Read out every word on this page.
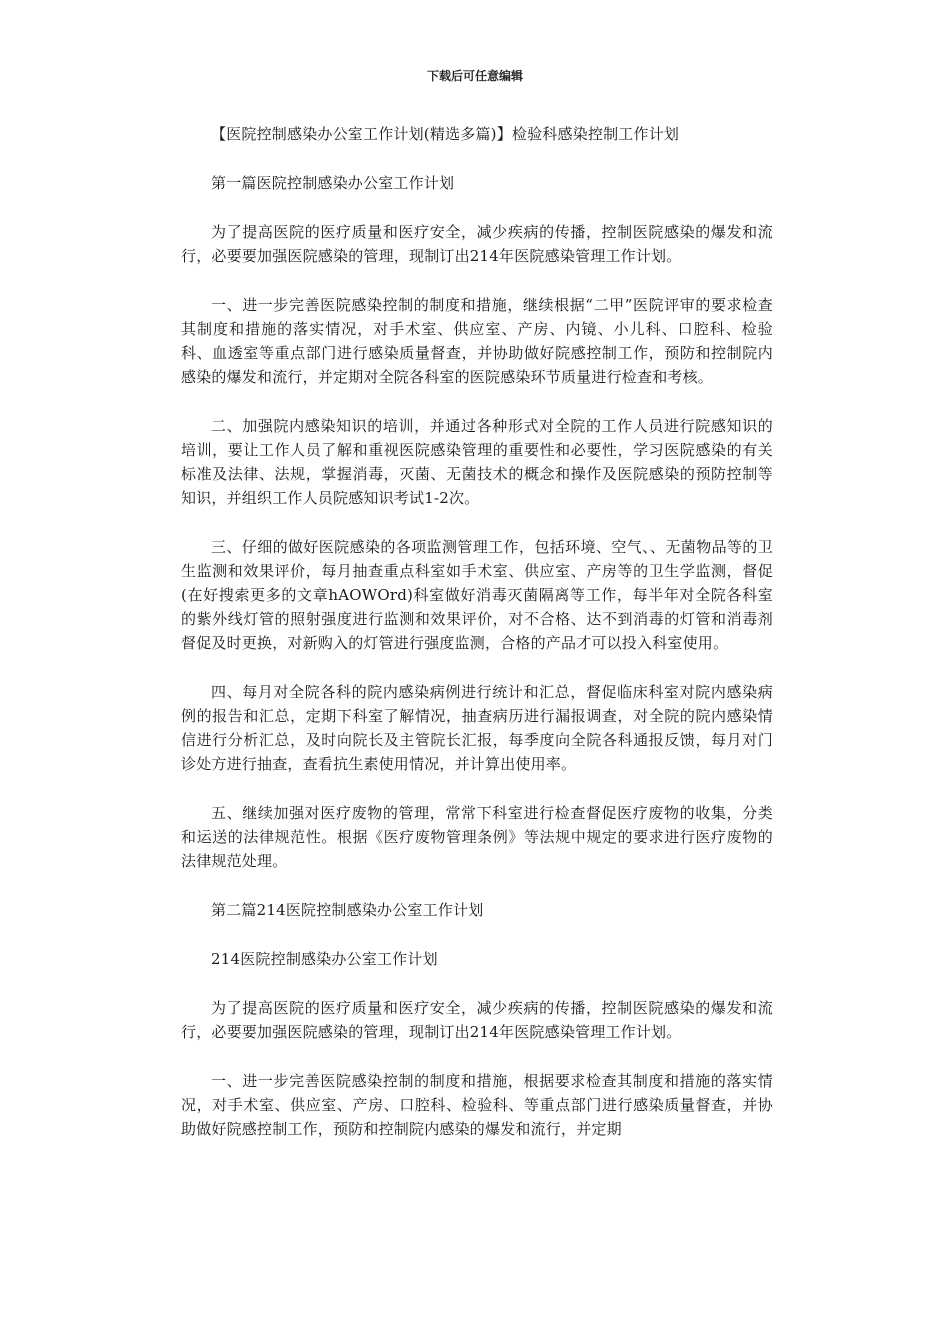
下载后可任意编辑

【医院控制感染办公室工作计划(精选多篇)】检验科感染控制工作计划

第一篇医院控制感染办公室工作计划

为了提高医院的医疗质量和医疗安全，减少疾病的传播，控制医院感染的爆发和流行，必要要加强医院感染的管理，现制订出214年医院感染管理工作计划。

一、进一步完善医院感染控制的制度和措施，继续根据“二甲”医院评审的要求检查其制度和措施的落实情况，对手术室、供应室、产房、内镜、小儿科、口腔科、检验科、血透室等重点部门进行感染质量督查，并协助做好院感控制工作，预防和控制院内感染的爆发和流行，并定期对全院各科室的医院感染环节质量进行检查和考核。

二、加强院内感染知识的培训，并通过各种形式对全院的工作人员进行院感知识的培训，要让工作人员了解和重视医院感染管理的重要性和必要性，学习医院感染的有关标准及法律、法规，掌握消毒，灭菌、无菌技术的概念和操作及医院感染的预防控制等知识，并组织工作人员院感知识考试1-2次。

三、仔细的做好医院感染的各项监测管理工作，包括环境、空气、、无菌物品等的卫生监测和效果评价，每月抽查重点科室如手术室、供应室、产房等的卫生学监测，督促(在好搜索更多的文章hAOWOrd)科室做好消毒灭菌隔离等工作，每半年对全院各科室的紫外线灯管的照射强度进行监测和效果评价，对不合格、达不到消毒的灯管和消毒剂督促及时更换，对新购入的灯管进行强度监测，合格的产品才可以投入科室使用。

四、每月对全院各科的院内感染病例进行统计和汇总，督促临床科室对院内感染病例的报告和汇总，定期下科室了解情况，抽查病历进行漏报调查，对全院的院内感染情信进行分析汇总，及时向院长及主管院长汇报，每季度向全院各科通报反馈，每月对门诊处方进行抽查，查看抗生素使用情况，并计算出使用率。

五、继续加强对医疗废物的管理，常常下科室进行检查督促医疗废物的收集，分类和运送的法律规范性。根据《医疗废物管理条例》等法规中规定的要求进行医疗废物的法律规范处理。

第二篇214医院控制感染办公室工作计划

214医院控制感染办公室工作计划

为了提高医院的医疗质量和医疗安全，减少疾病的传播，控制医院感染的爆发和流行，必要要加强医院感染的管理，现制订出214年医院感染管理工作计划。

一、进一步完善医院感染控制的制度和措施，根据要求检查其制度和措施的落实情况，对手术室、供应室、产房、口腔科、检验科、等重点部门进行感染质量督查，并协助做好院感控制工作，预防和控制院内感染的爆发和流行，并定期
